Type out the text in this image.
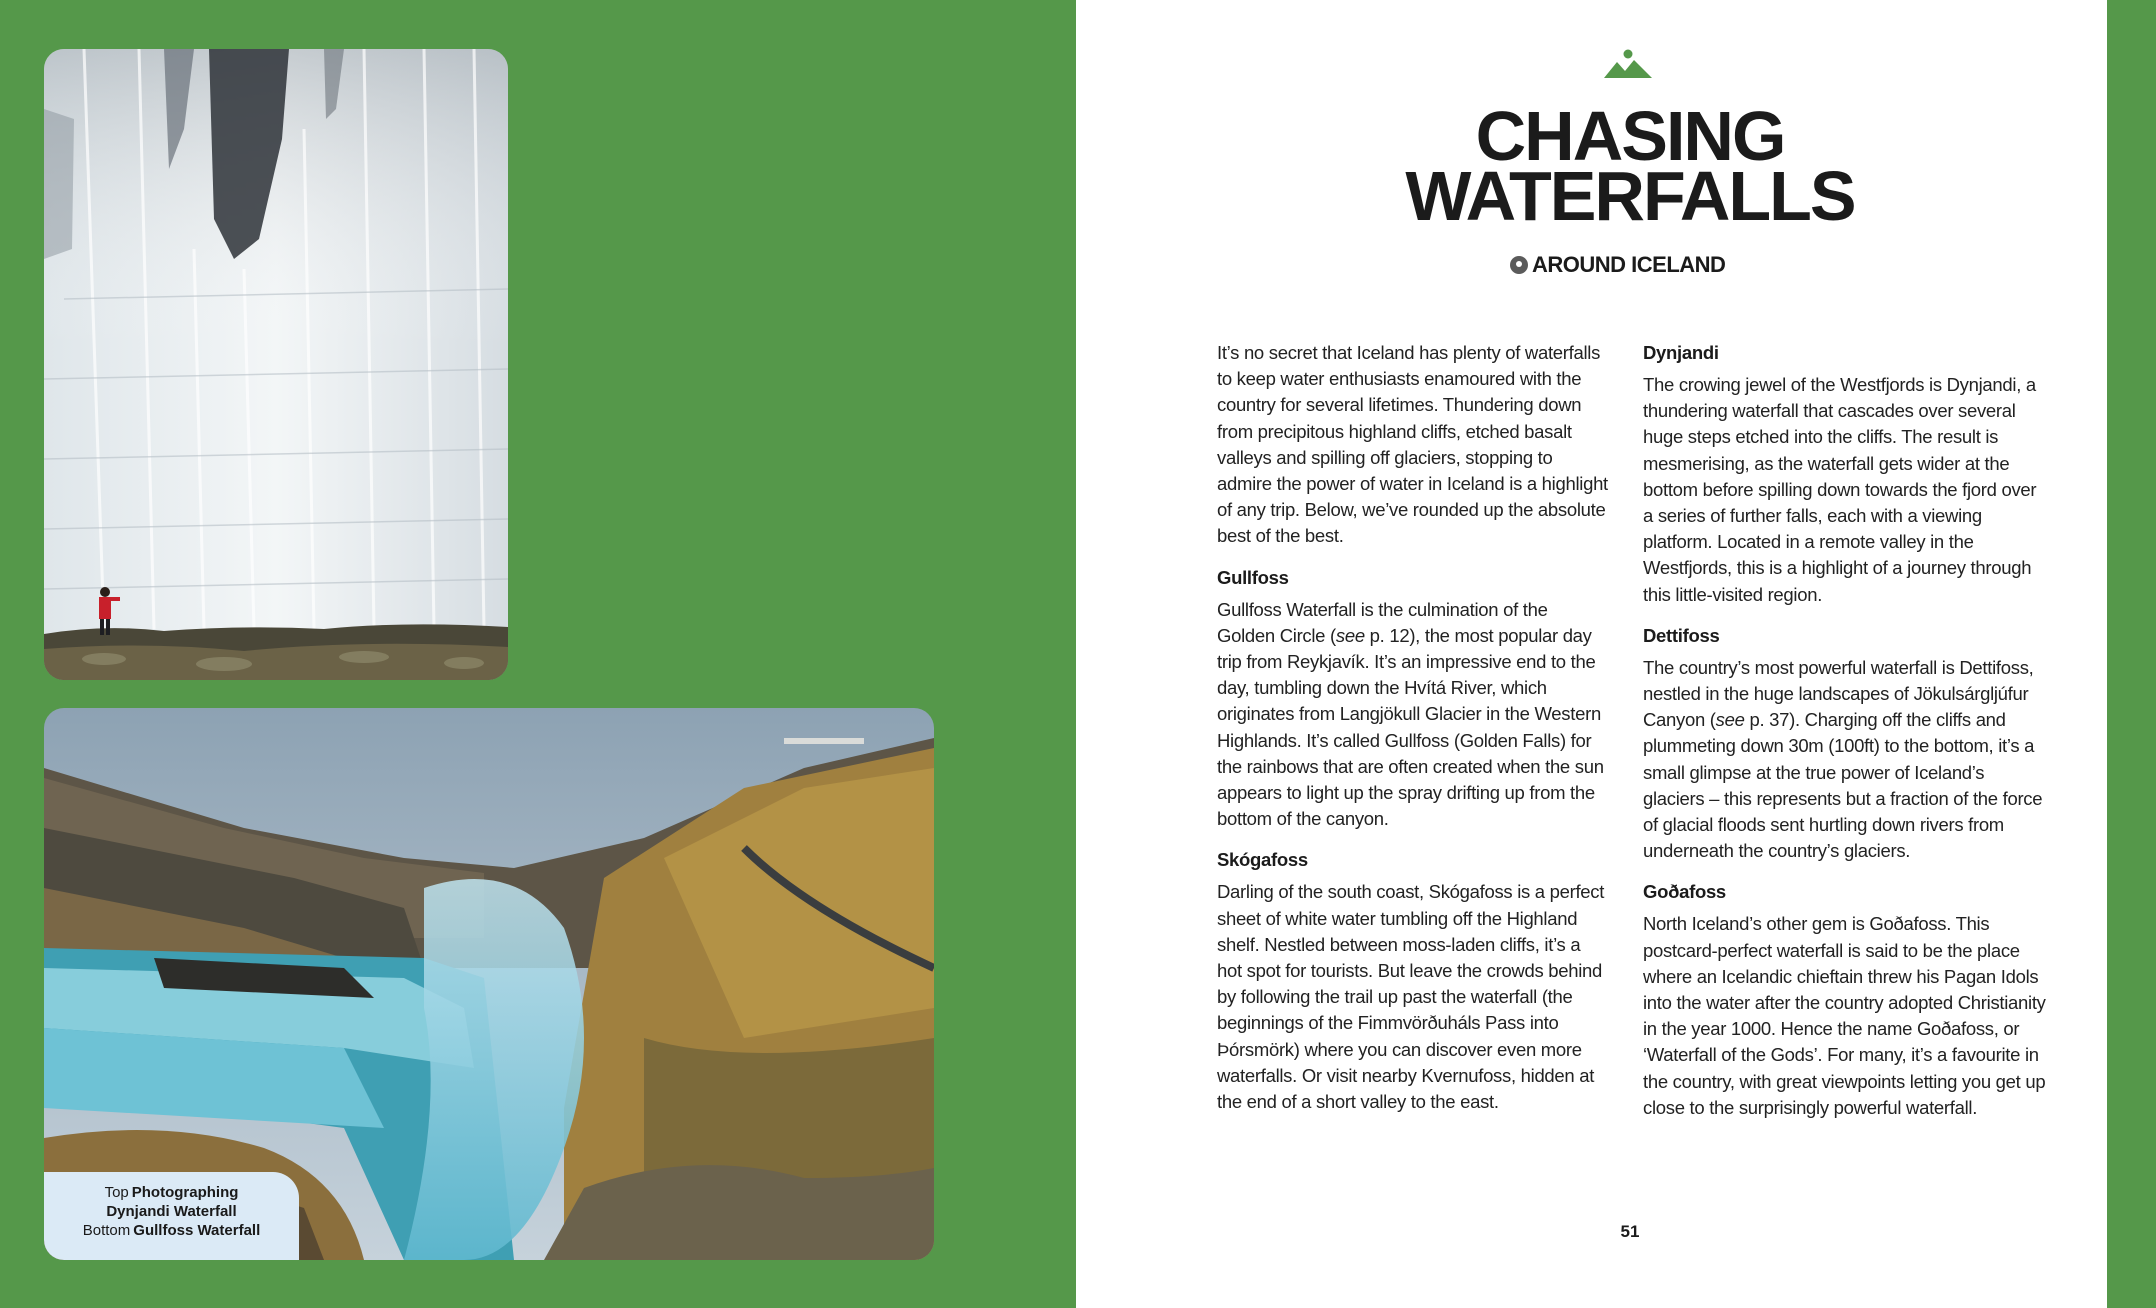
Top Photographing
Dynjandi Waterfall
Bottom Gullfoss Waterfall
CHASING
WATERFALLS
AROUND ICELAND

It’s no secret that Iceland has plenty of waterfalls to keep water enthusiasts enamoured with the country for several lifetimes. Thundering down from precipitous highland cliffs, etched basalt valleys and spilling off glaciers, stopping to admire the power of water in Iceland is a highlight of any trip. Below, we’ve rounded up the absolute best of the best.

Gullfoss

Gullfoss Waterfall is the culmination of the Golden Circle (see p. 12), the most popular day trip from Reykjavík. It’s an impressive end to the day, tumbling down the Hvítá River, which originates from Langjökull Glacier in the Western Highlands. It’s called Gullfoss (Golden Falls) for the rainbows that are often created when the sun appears to light up the spray drifting up from the bottom of the canyon.

Skógafoss

Darling of the south coast, Skógafoss is a perfect sheet of white water tumbling off the Highland shelf. Nestled between moss-laden cliffs, it’s a hot spot for tourists. But leave the crowds behind by following the trail up past the waterfall (the beginnings of the Fimmvörðuháls Pass into Þórsmörk) where you can discover even more waterfalls. Or visit nearby Kvernufoss, hidden at the end of a short valley to the east.

Dynjandi

The crowing jewel of the Westfjords is Dynjandi, a thundering waterfall that cascades over several huge steps etched into the cliffs. The result is mesmerising, as the waterfall gets wider at the bottom before spilling down towards the fjord over a series of further falls, each with a viewing platform. Located in a remote valley in the Westfjords, this is a highlight of a journey through this little-visited region.

Dettifoss

The country’s most powerful waterfall is Dettifoss, nestled in the huge landscapes of Jökulsárgljúfur Canyon (see p. 37). Charging off the cliffs and plummeting down 30m (100ft) to the bottom, it’s a small glimpse at the true power of Iceland’s glaciers – this represents but a fraction of the force of glacial floods sent hurtling down rivers from underneath the country’s glaciers.

Goðafoss

North Iceland’s other gem is Goðafoss. This postcard-perfect waterfall is said to be the place where an Icelandic chieftain threw his Pagan Idols into the water after the country adopted Christianity in the year 1000. Hence the name Goðafoss, or ‘Waterfall of the Gods’. For many, it’s a favourite in the country, with great viewpoints letting you get up close to the surprisingly powerful waterfall.

51
